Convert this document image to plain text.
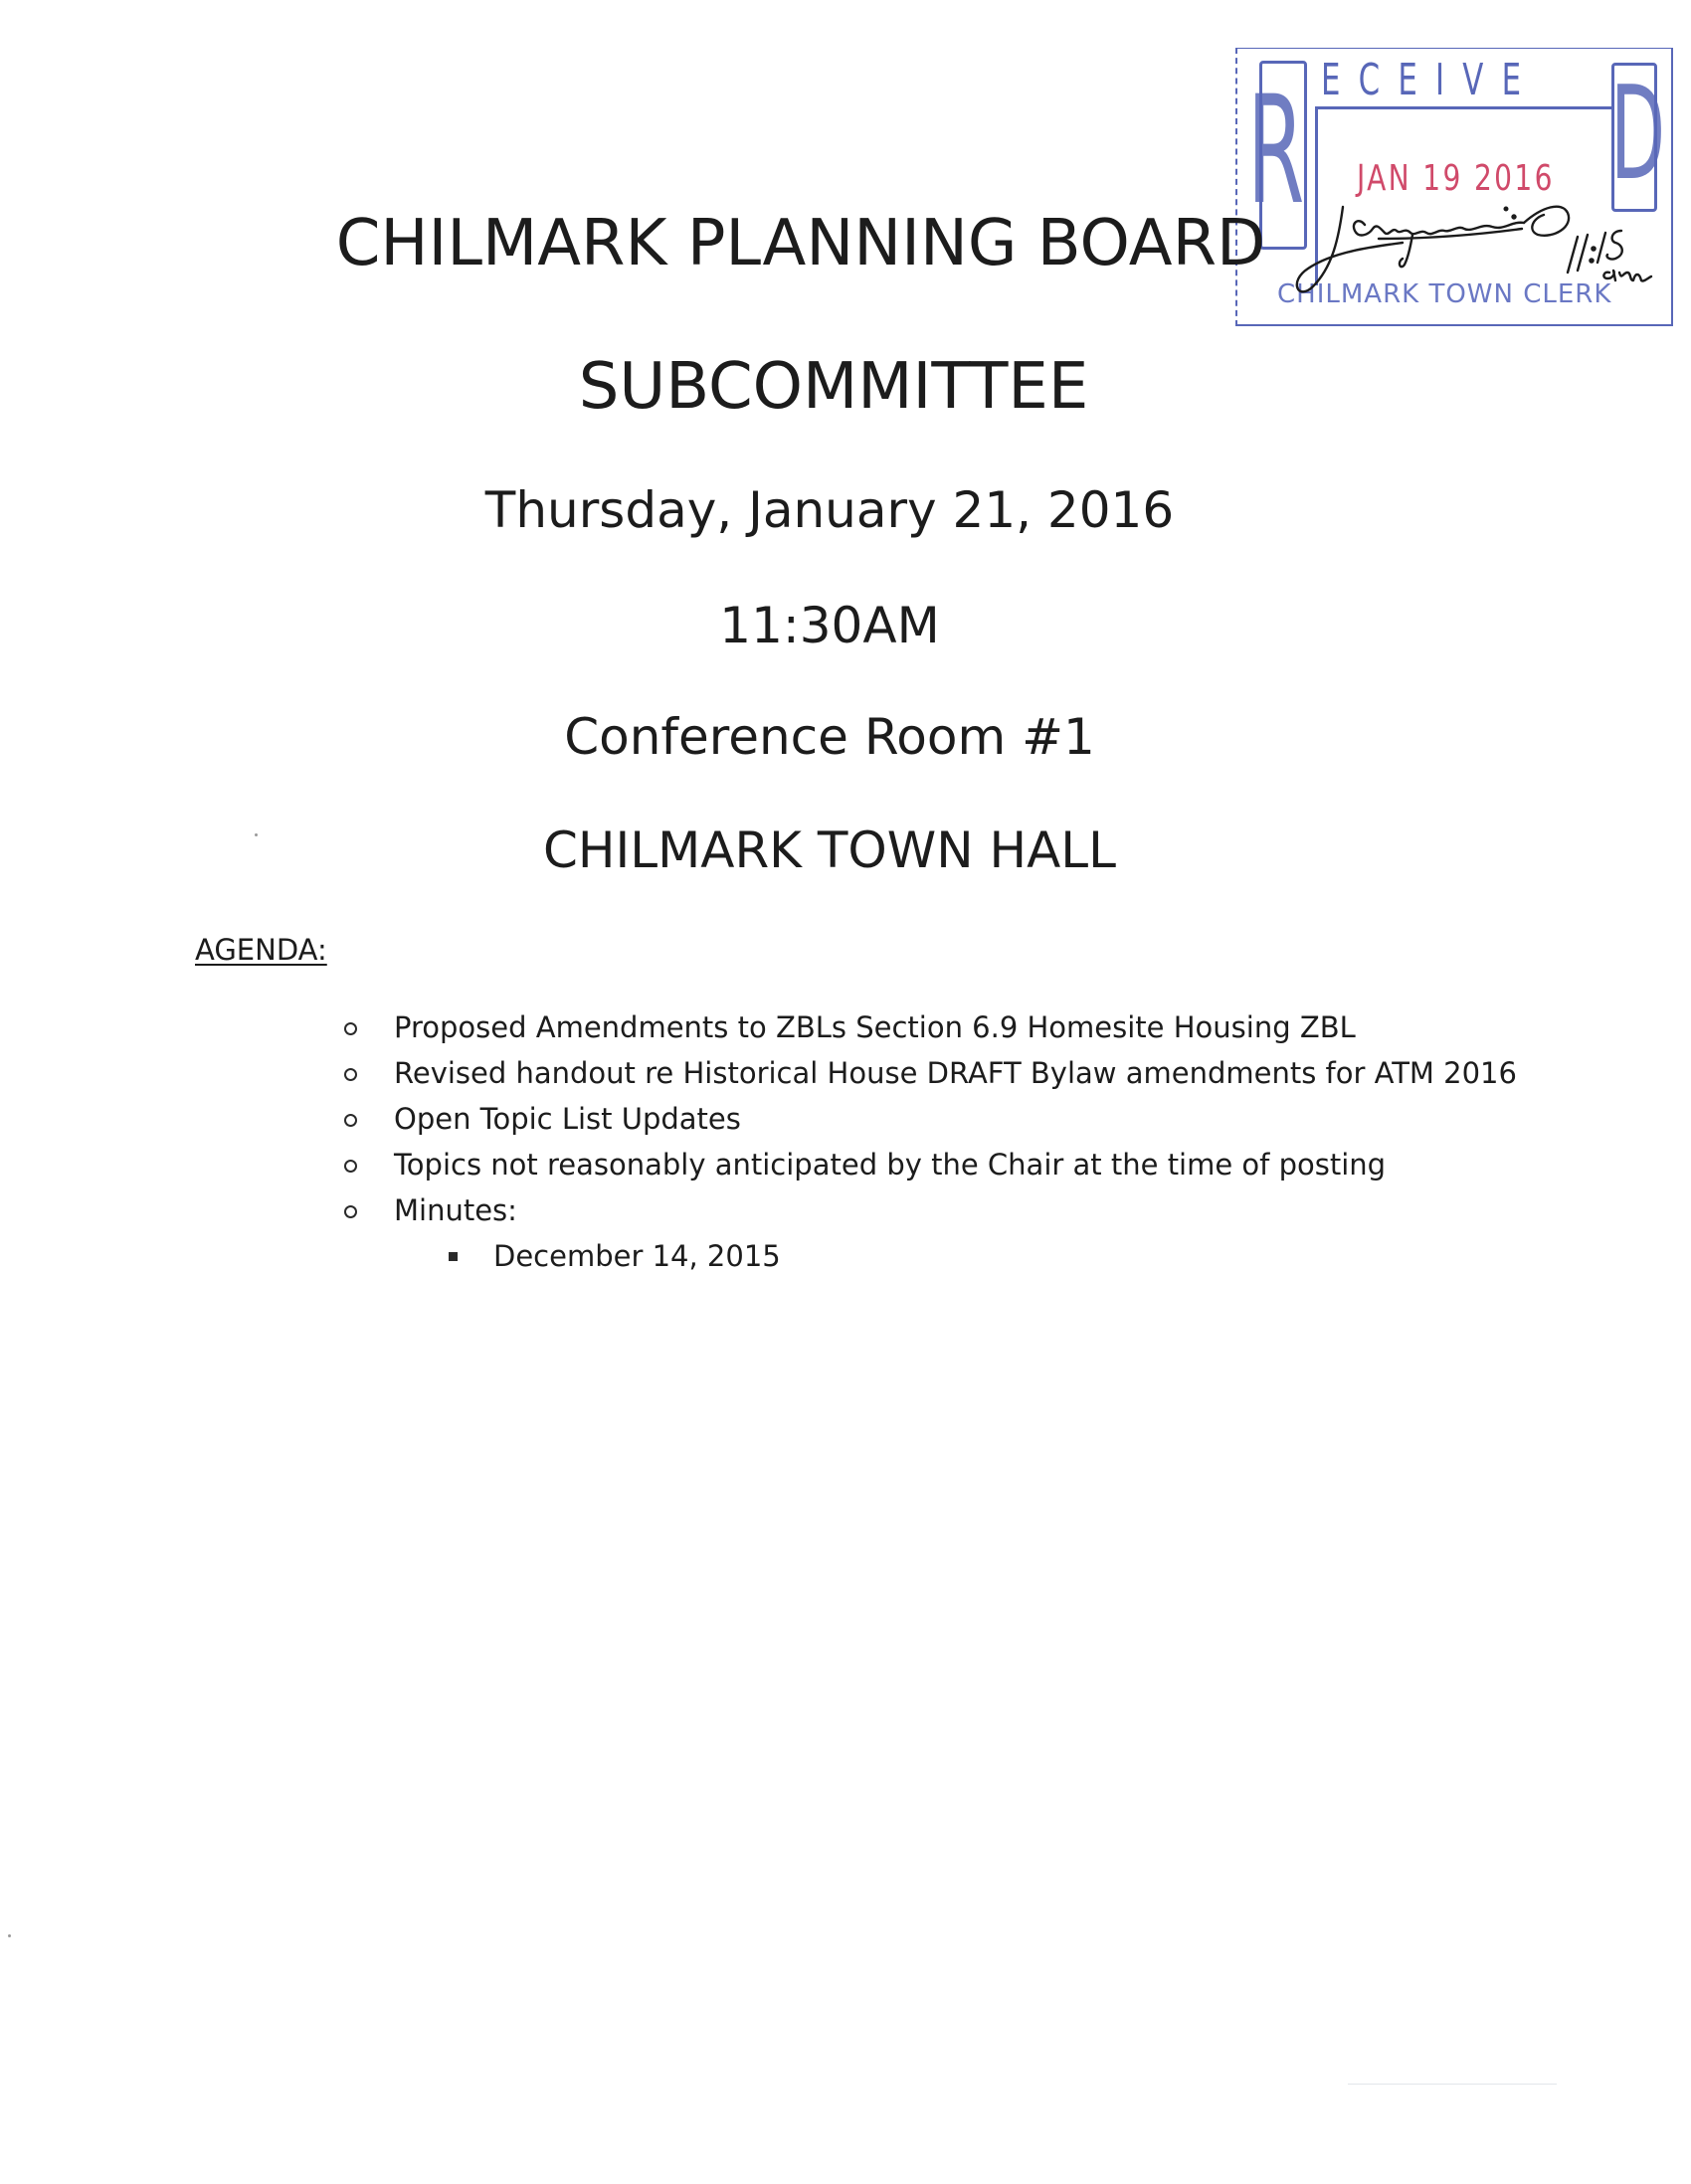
R D
ECEIVE
JAN 19 2016
CHILMARK TOWN CLERK
CHILMARK PLANNING BOARD
SUBCOMMITTEE
Thursday, January 21, 2016
11:30AM
Conference Room #1
CHILMARK TOWN HALL
AGENDA:
Proposed Amendments to ZBLs Section 6.9 Homesite Housing ZBL
Revised handout re Historical House DRAFT Bylaw amendments for ATM 2016
Open Topic List Updates
Topics not reasonably anticipated by the Chair at the time of posting
Minutes:
December 14, 2015
